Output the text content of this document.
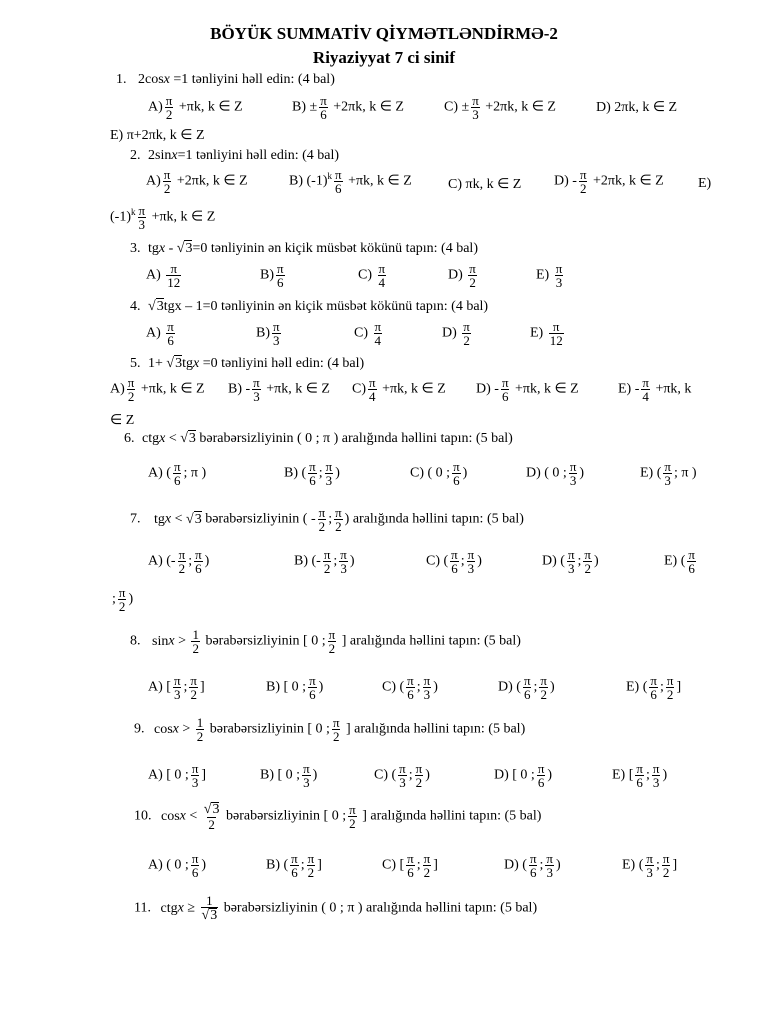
BÖYÜK SUMMATİV QİYMƏTLƏNDİRMƏ-2
Riyaziyyat 7 ci sinif
1. 2cosx =1 tənliyini həll edin: (4 bal)
$A) \frac{\pi}{2} +\pi k$, k ∈ Z	$B) \pm \frac{\pi}{6} +2\pi k$, k ∈ Z	$C) \pm \frac{\pi}{3} +2\pi k$, k ∈ Z	D) 2πk, k ∈ Z
E) π+2πk, k ∈ Z
2. 2sinx=1 tənliyini həll edin: (4 bal)
$A) \frac{\pi}{2} +2\pi k$, k ∈ Z	B) $(-1)^k \frac{\pi}{6} +\pi k$, k ∈ Z	C) πk, k ∈ Z $D) - \frac{\pi}{2} +2\pi k$, k ∈ Z E)
$(-1)^k \frac{\pi}{3} +\pi k$, k ∈ Z
3. tgx - √3=0 tənliyinin ən kiçik müsbət kökünü tapın: (4 bal)
$A) \frac{\pi}{12}$	$B) \frac{\pi}{6}$	$C) \frac{\pi}{4}$	$D) \frac{\pi}{2}$	$E) \frac{\pi}{3}$
4. √3tgx – 1=0 tənliyinin ən kiçik müsbət kökünü tapın: (4 bal)
$A) \frac{\pi}{6}$	$B) \frac{\pi}{3}$	$C) \frac{\pi}{4}$	$D) \frac{\pi}{2}$	$E) \frac{\pi}{12}$
5. 1+ √3tgx =0 tənliyini həll edin: (4 bal)
$A) \frac{\pi}{2} +\pi k$, k ∈ Z $B) - \frac{\pi}{3} +\pi k$, k ∈ Z $C) \frac{\pi}{4} +\pi k$, k ∈ Z $D) - \frac{\pi}{6} +\pi k$, k ∈ Z	$E) - \frac{\pi}{4} +\pi k$, k
∈ Z
6. ctgx < √3 bərabərsizliyinin ( 0 ; π ) aralığında həllini tapın: (5 bal)
A) ( $\frac{\pi}{6}$ ; π )	B) ( $\frac{\pi}{6}$ ; $\frac{\pi}{3}$ )	C) ( 0 ; $\frac{\pi}{6}$ )	D) ( 0 ; $\frac{\pi}{3}$ )	E) ( $\frac{\pi}{3}$ ; π )
7. tgx < √3 bərabərsizliyinin ( - $\frac{\pi}{2}$ ; $\frac{\pi}{2}$ ) aralığında həllini tapın: (5 bal)
A) (- $\frac{\pi}{2}$ ; $\frac{\pi}{6}$ )	B) (- $\frac{\pi}{2}$ ; $\frac{\pi}{3}$ )	C) ( $\frac{\pi}{6}$ ; $\frac{\pi}{3}$ )	D) ( $\frac{\pi}{3}$ ; $\frac{\pi}{2}$ )	E) ( $\frac{\pi}{6}$
; $\frac{\pi}{2}$ )
8. $\sin x > \frac{1}{2}$ bərabərsizliyinin [ 0 ; $\frac{\pi}{2}$ ] aralığında həllini tapın: (5 bal)
A) [ $\frac{\pi}{3}$ ; $\frac{\pi}{2}$ ]	B) [ 0 ; $\frac{\pi}{6}$ )	C) ( $\frac{\pi}{6}$ ; $\frac{\pi}{3}$ )	D) ( $\frac{\pi}{6}$ ; $\frac{\pi}{2}$ )	E) ( $\frac{\pi}{6}$ ; $\frac{\pi}{2}$ ]
9. $\cos x > \frac{1}{2}$ bərabərsizliyinin [ 0 ; $\frac{\pi}{2}$ ] aralığında həllini tapın: (5 bal)
A) [ 0 ; $\frac{\pi}{3}$ ]	B) [ 0 ; $\frac{\pi}{3}$ )	C) ( $\frac{\pi}{3}$ ; $\frac{\pi}{2}$ )	D) [ 0 ; $\frac{\pi}{6}$ )	E) [ $\frac{\pi}{6}$ ; $\frac{\pi}{3}$ )
10. $\cos x < \frac{√3}{2}$ bərabərsizliyinin [ 0 ; $\frac{\pi}{2}$ ] aralığında həllini tapın: (5 bal)
A) ( 0 ; $\frac{\pi}{6}$ )	B) ( $\frac{\pi}{6}$ ; $\frac{\pi}{2}$ ]	C) [ $\frac{\pi}{6}$ ; $\frac{\pi}{2}$ ]	D) ( $\frac{\pi}{6}$ ; $\frac{\pi}{3}$ )	E) ( $\frac{\pi}{3}$ ; $\frac{\pi}{2}$ ]
11. ctgx ≥ $\frac{1}{√3}$ bərabərsizliyinin ( 0 ; π ) aralığında həllini tapın: (5 bal)
